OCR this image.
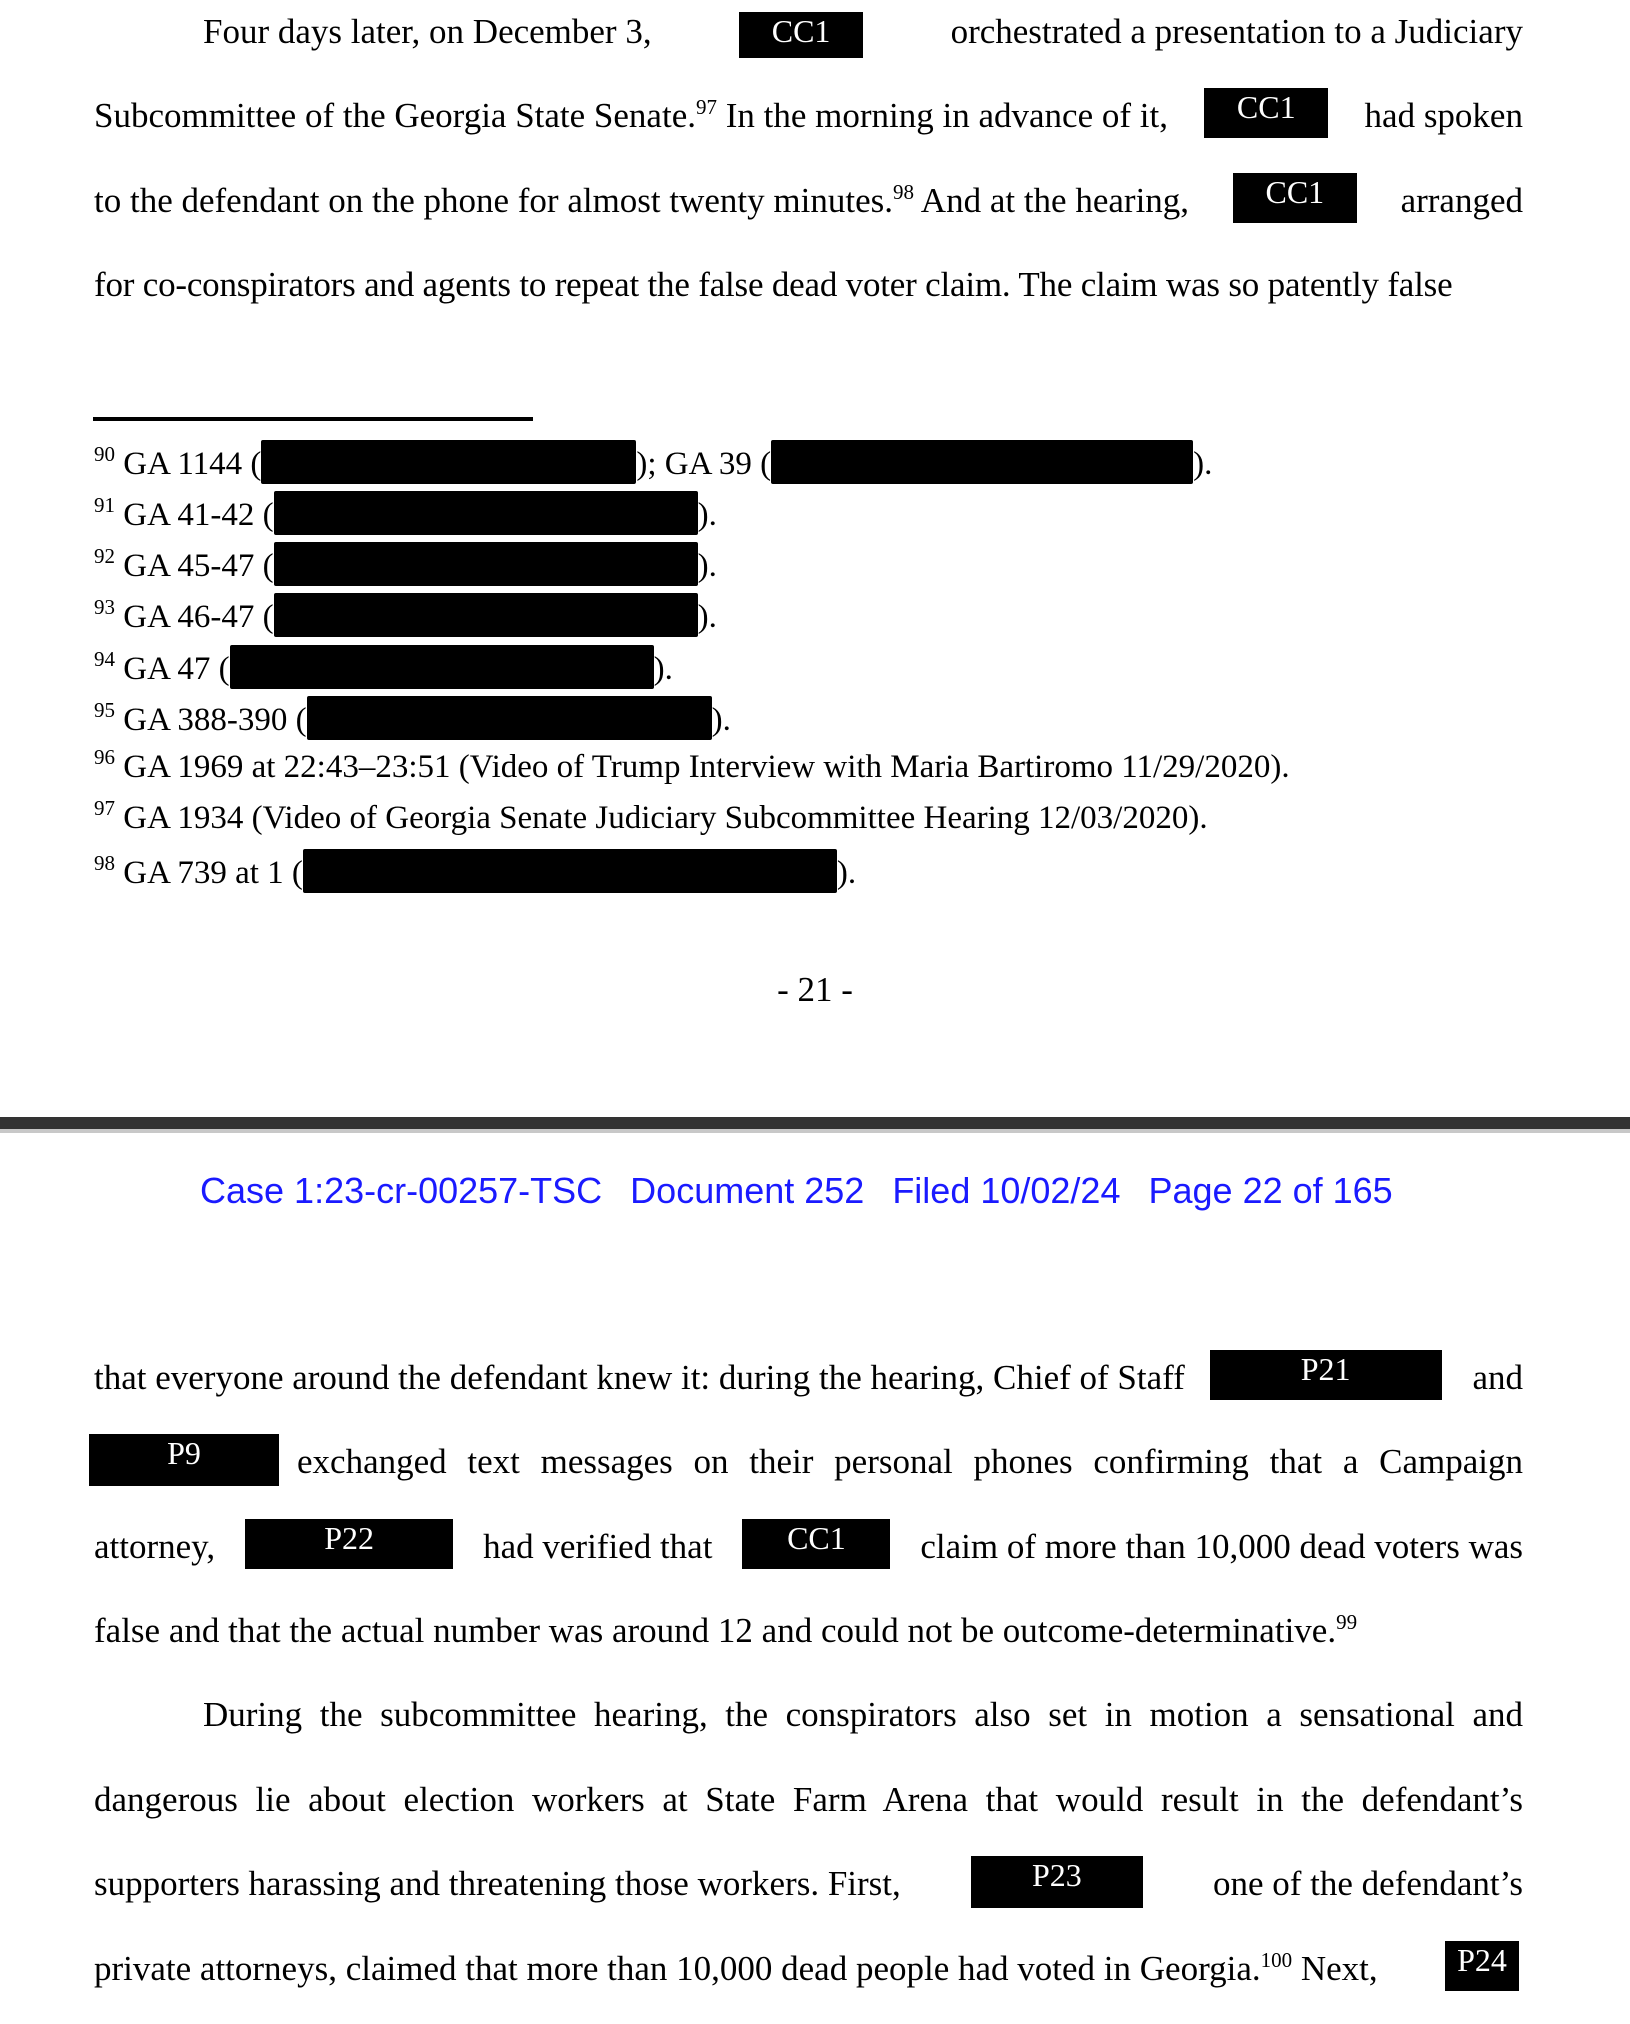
Four days later, on December 3,	CC1	orchestrated a presentation to a Judiciary
Subcommittee of the Georgia State Senate.$^{97}$ In the morning in advance of it,	CC1	had spoken
to the defendant on the phone for almost twenty minutes.$^{98}$ And at the hearing,	CC1	arranged
for co-conspirators and agents to repeat the false dead voter claim. The claim was so patently false
$^{90}$ GA 1144 (	); GA 39 (	).
$^{91}$ GA 41-42 (	).
$^{92}$ GA 45-47 (	).
$^{93}$ GA 46-47 (	).
$^{94}$ GA 47 (	).
$^{95}$ GA 388-390 (	).
$^{96}$ GA 1969 at 22:43–23:51 (Video of Trump Interview with Maria Bartiromo 11/29/2020).
$^{97}$ GA 1934 (Video of Georgia Senate Judiciary Subcommittee Hearing 12/03/2020).
$^{98}$ GA 739 at 1 (	).
- 21 -
Case 1:23-cr-00257-TSC Document 252 Filed 10/02/24 Page 22 of 165
that everyone around the defendant knew it: during the hearing, Chief of Staff	P21	and
P9	exchanged text messages on their personal phones confirming that a Campaign
attorney,	P22	had verified that	CC1	claim of more than 10,000 dead voters was
false and that the actual number was around 12 and could not be outcome-determinative.$^{99}$
During the subcommittee hearing, the conspirators also set in motion a sensational and
dangerous lie about election workers at State Farm Arena that would result in the defendant’s
supporters harassing and threatening those workers. First,	P23	one of the defendant’s
private attorneys, claimed that more than 10,000 dead people had voted in Georgia.$^{100}$ Next,	P24
